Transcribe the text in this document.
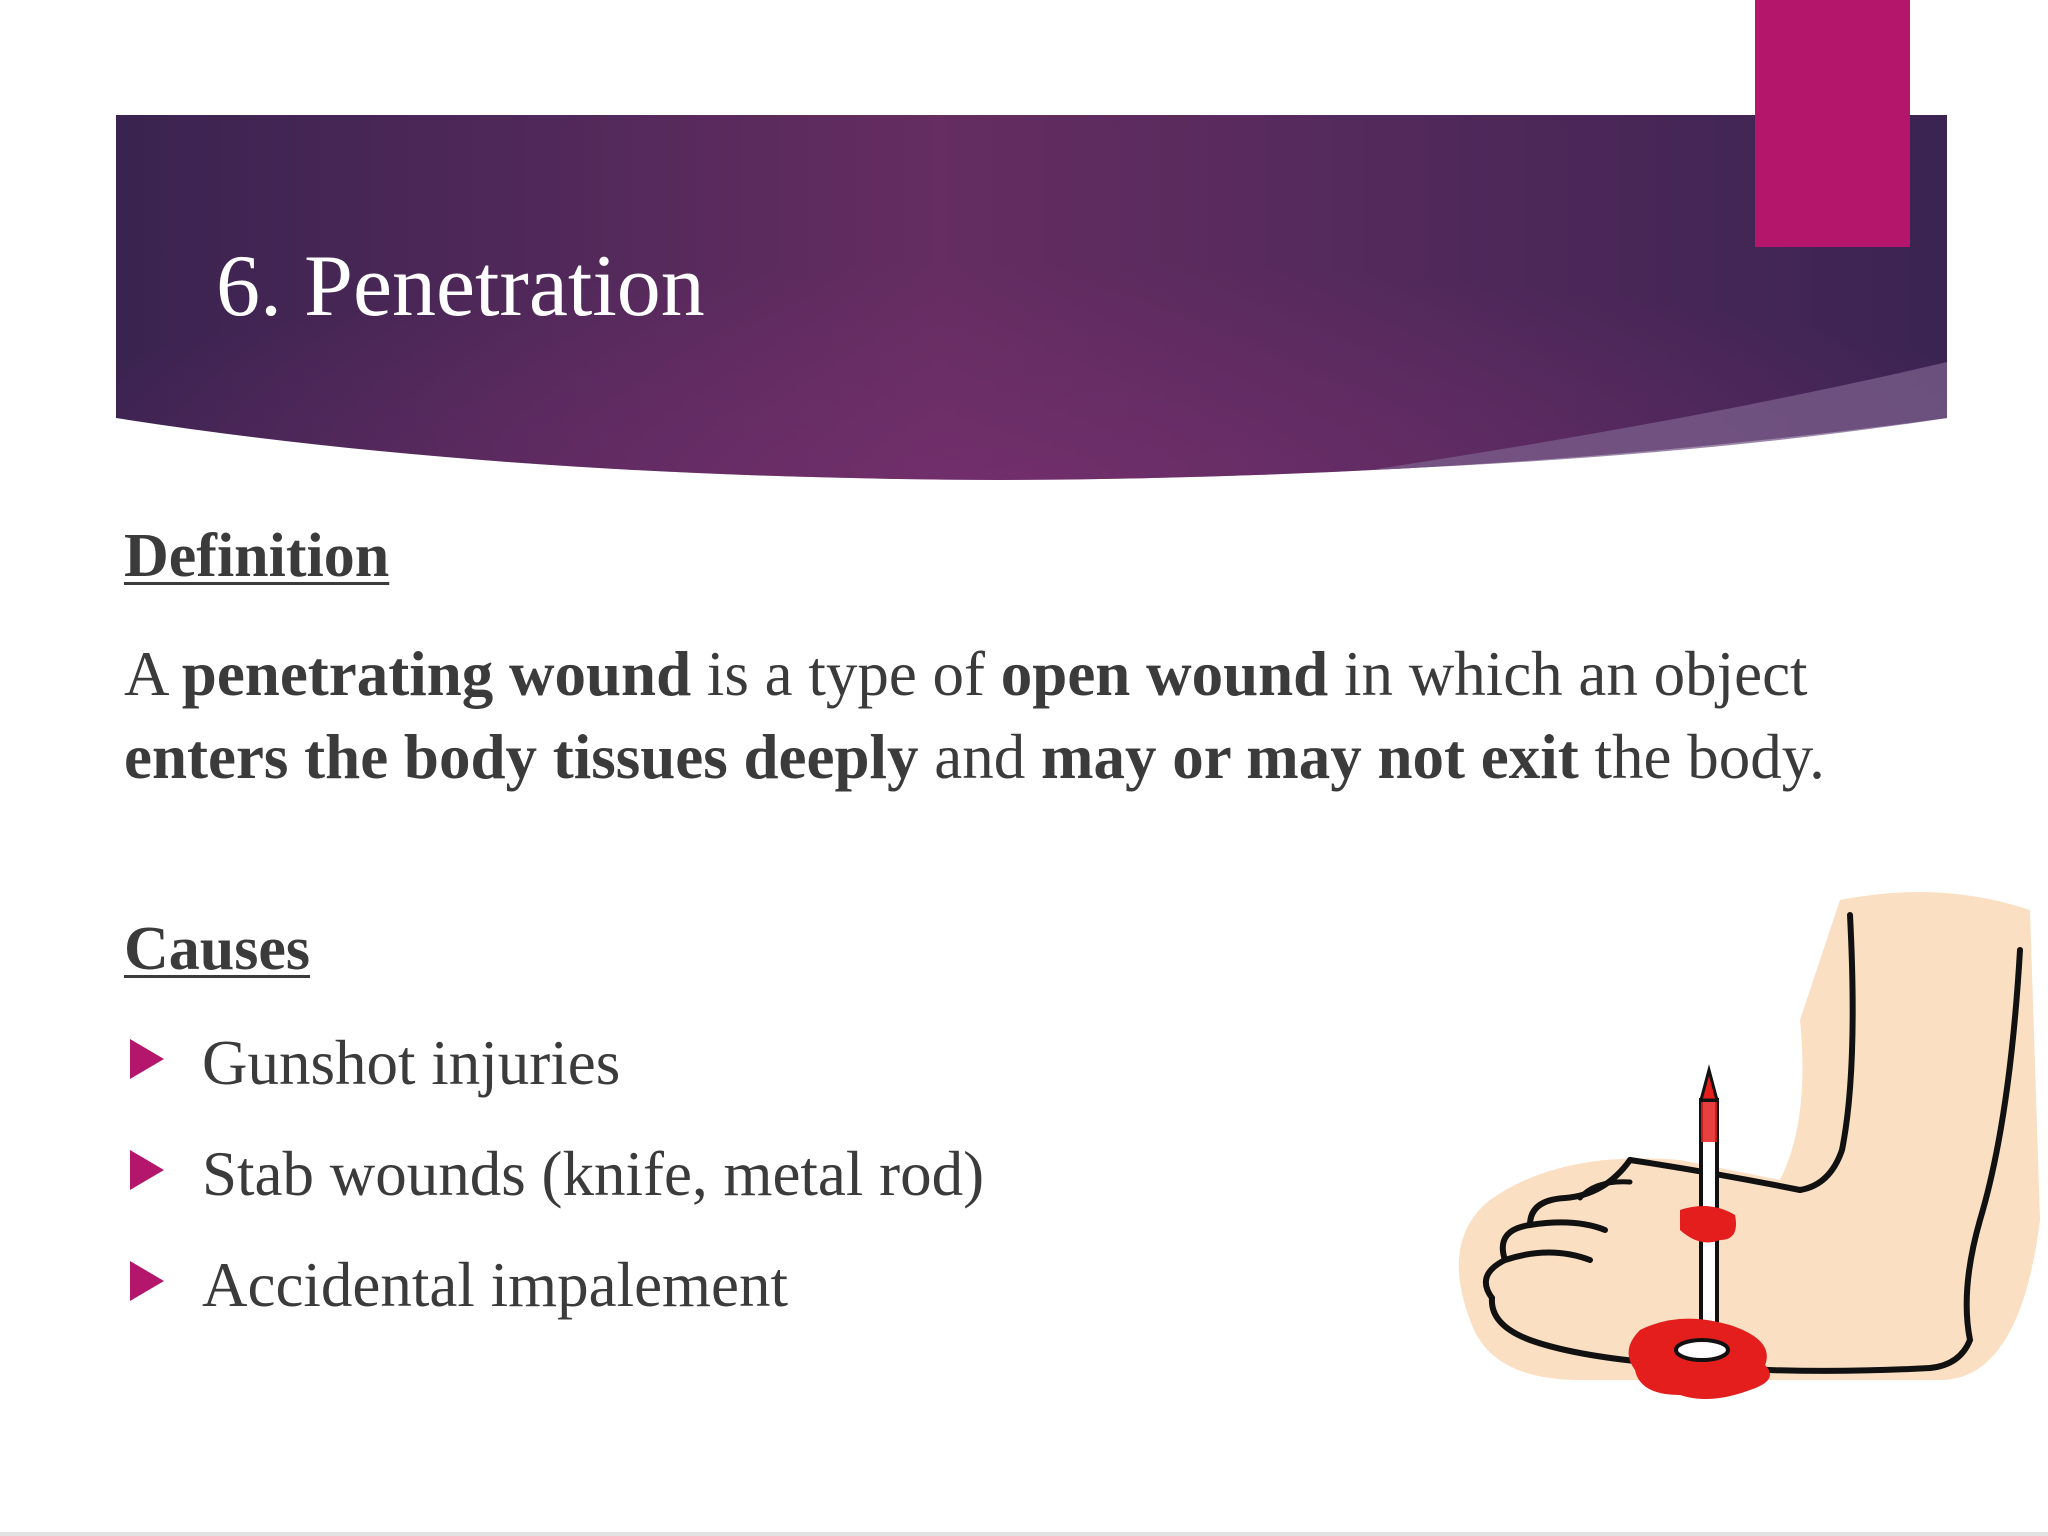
6. Penetration
Definition
A penetrating wound is a type of open wound in which an object enters the body tissues deeply and may or may not exit the body.
Causes
Gunshot injuries
Stab wounds (knife, metal rod)
Accidental impalement
